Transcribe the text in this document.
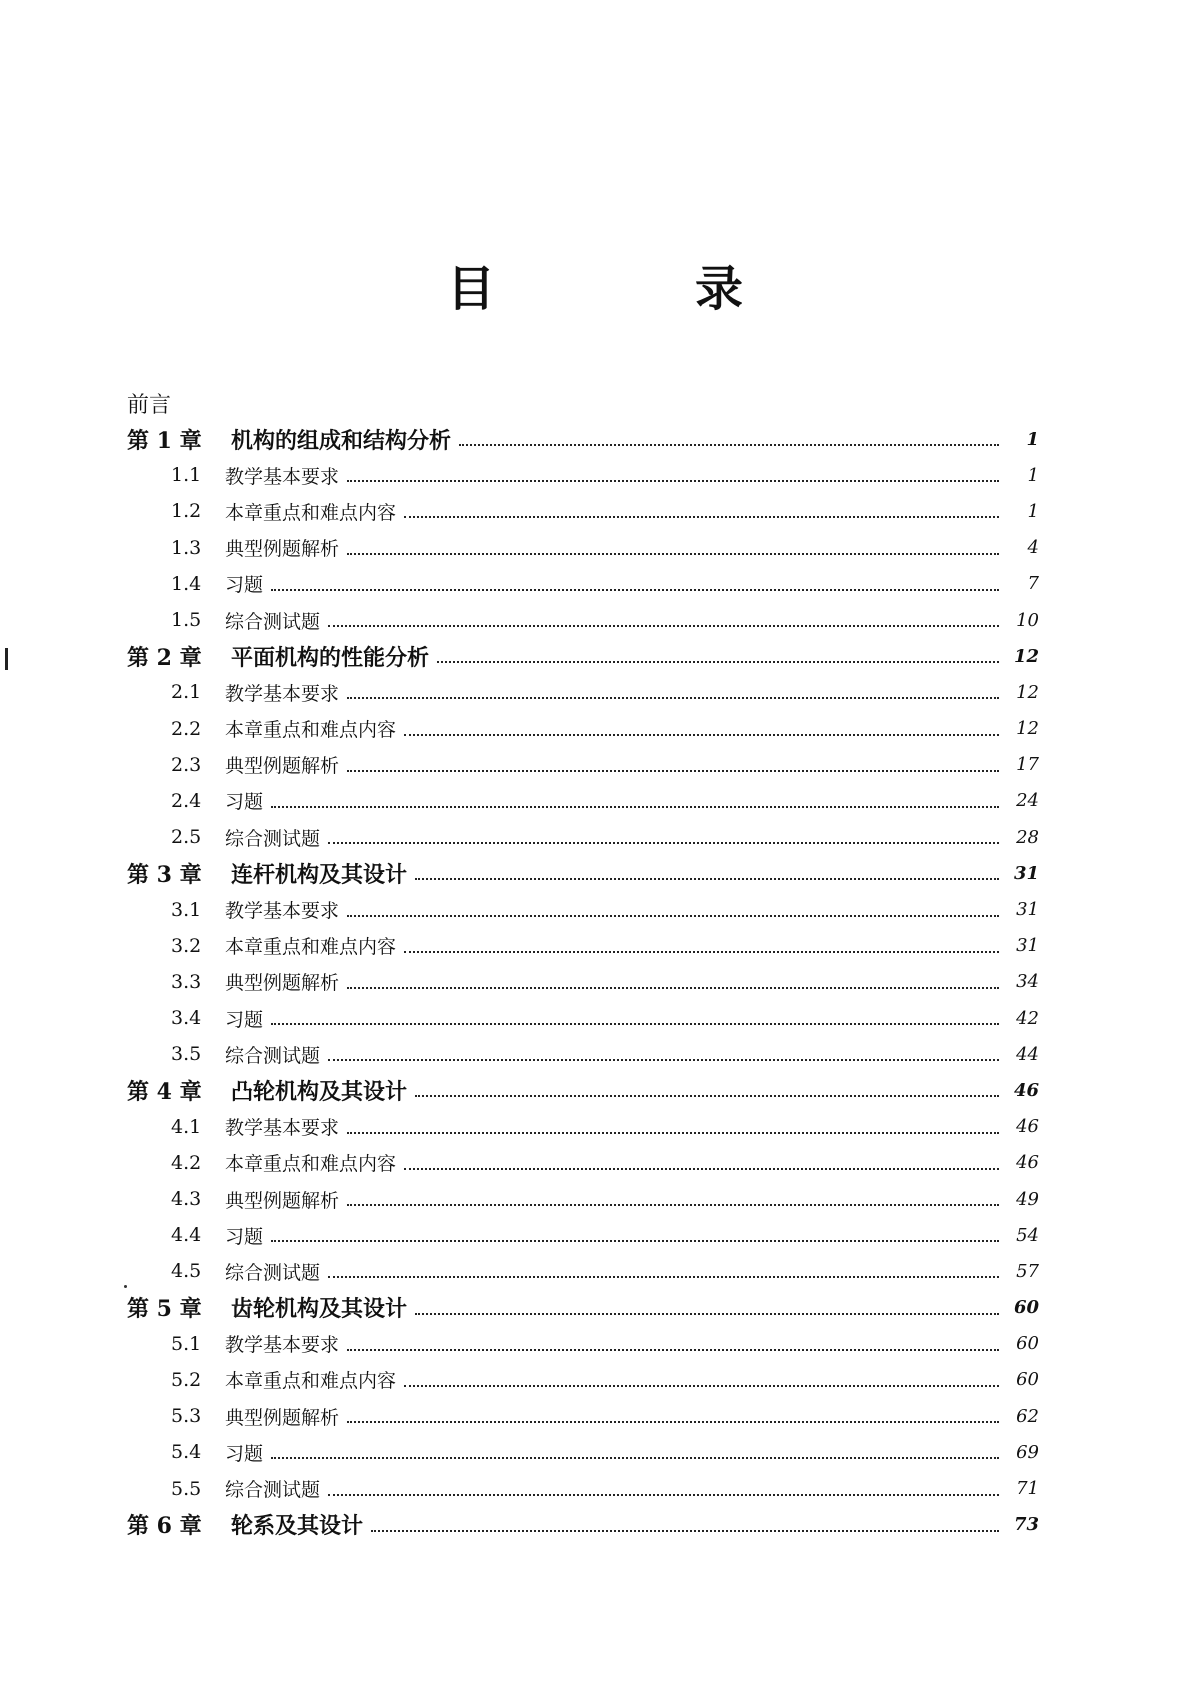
目	录
前言
第 1 章	机构的组成和结构分析	1
1.1	教学基本要求	1
1.2	本章重点和难点内容	1
1.3	典型例题解析	4
1.4	习题	7
1.5	综合测试题	10
第 2 章	平面机构的性能分析	12
2.1	教学基本要求	12
2.2	本章重点和难点内容	12
2.3	典型例题解析	17
2.4	习题	24
2.5	综合测试题	28
第 3 章	连杆机构及其设计	31
3.1	教学基本要求	31
3.2	本章重点和难点内容	31
3.3	典型例题解析	34
3.4	习题	42
3.5	综合测试题	44
第 4 章	凸轮机构及其设计	46
4.1	教学基本要求	46
4.2	本章重点和难点内容	46
4.3	典型例题解析	49
4.4	习题	54
4.5	综合测试题	57
第 5 章	齿轮机构及其设计	60
5.1	教学基本要求	60
5.2	本章重点和难点内容	60
5.3	典型例题解析	62
5.4	习题	69
5.5	综合测试题	71
第 6 章	轮系及其设计	73
